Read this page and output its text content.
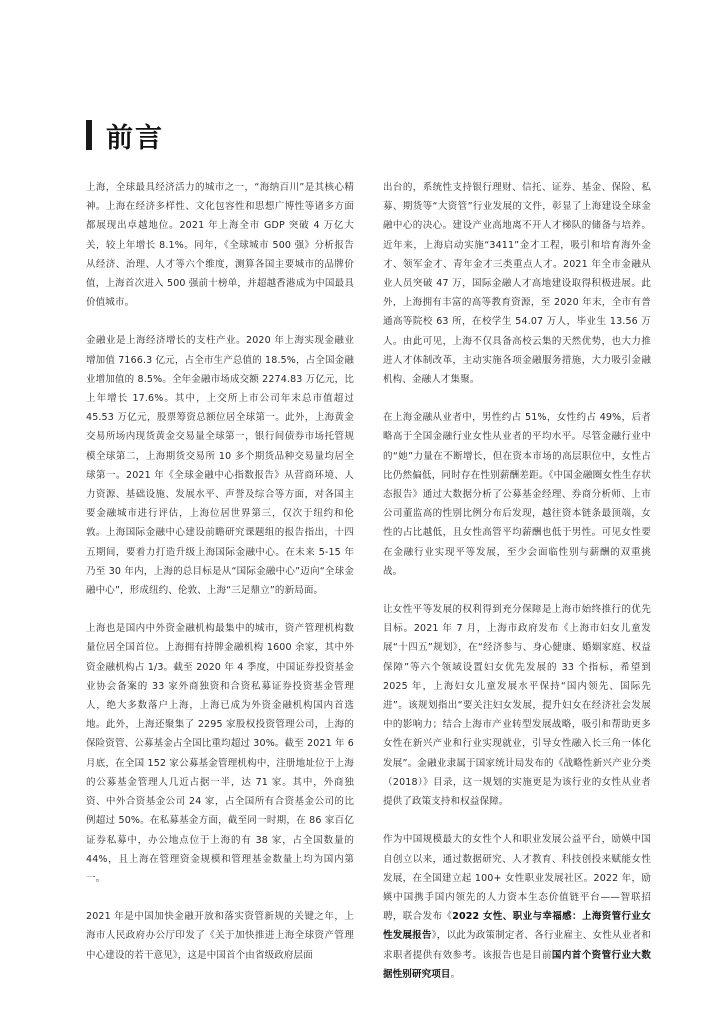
前言

上海，全球最具经济活力的城市之一，“海纳百川”是其核心精神。上海在经济多样性、文化包容性和思想广博性等诸多方面都展现出卓越地位。2021 年上海全市 GDP 突破 4 万亿大关，较上年增长 8.1%。同年，《全球城市 500 强》分析报告从经济、治理、人才等六个维度，测算各国主要城市的品牌价值，上海首次进入 500 强前十榜单，并超越香港成为中国最具价值城市。

金融业是上海经济增长的支柱产业。2020 年上海实现金融业增加值 7166.3 亿元，占全市生产总值的 18.5%，占全国金融业增加值的 8.5%。全年金融市场成交额 2274.83 万亿元，比上年增长 17.6%。其中，上交所上市公司年末总市值超过 45.53 万亿元，股票筹资总额位居全球第一。此外，上海黄金交易所场内现货黄金交易量全球第一，银行间债券市场托管规模全球第二，上海期货交易所 10 多个期货品种交易量均居全球第一。2021 年《全球金融中心指数报告》从营商环境、人力资源、基础设施、发展水平、声誉及综合等方面，对各国主要金融城市进行评估，上海位居世界第三，仅次于纽约和伦敦。上海国际金融中心建设前瞻研究课题组的报告指出，十四五期间，要着力打造升级上海国际金融中心。在未来 5-15 年乃至 30 年内，上海的总目标是从“国际金融中心”迈向“全球金融中心”，形成纽约、伦敦、上海“三足鼎立”的新局面。

上海也是国内中外资金融机构最集中的城市，资产管理机构数量位居全国首位。上海拥有持牌金融机构 1600 余家，其中外资金融机构占 1/3。截至 2020 年 4 季度，中国证券投资基金业协会备案的 33 家外商独资和合资私募证券投资基金管理人，绝大多数落户上海，上海已成为外资金融机构国内首选地。此外，上海还聚集了 2295 家股权投资管理公司，上海的保险资管、公募基金占全国比重均超过 30%。截至 2021 年 6 月底，在全国 152 家公募基金管理机构中，注册地址位于上海的公募基金管理人几近占据一半，达 71 家。其中，外商独资、中外合资基金公司 24 家，占全国所有合资基金公司的比例超过 50%。在私募基金方面，截至同一时期，在 86 家百亿证券私募中，办公地点位于上海的有 38 家，占全国数量的 44%，且上海在管理资金规模和管理基金数量上均为国内第一。

2021 年是中国加快金融开放和落实资管新规的关键之年，上海市人民政府办公厅印发了《关于加快推进上海全球资产管理中心建设的若干意见》，这是中国首个由省级政府层面

出台的，系统性支持银行理财、信托、证券、基金、保险、私募、期货等“大资管”行业发展的文件，彰显了上海建设全球金融中心的决心。建设产业高地离不开人才梯队的储备与培养。近年来，上海启动实施“3411”金才工程，吸引和培育海外金才、领军金才、青年金才三类重点人才。2021 年全市金融从业人员突破 47 万，国际金融人才高地建设取得积极进展。此外，上海拥有丰富的高等教育资源，至 2020 年末，全市有普通高等院校 63 所，在校学生 54.07 万人，毕业生 13.56 万人。由此可见，上海不仅具备高校云集的天然优势，也大力推进人才体制改革，主动实施各项金融服务措施，大力吸引金融机构、金融人才集聚。

在上海金融从业者中，男性约占 51%，女性约占 49%，后者略高于全国金融行业女性从业者的平均水平。尽管金融行业中的“她”力量在不断增长，但在资本市场的高层职位中，女性占比仍然偏低，同时存在性别薪酬差距。《中国金融圈女性生存状态报告》通过大数据分析了公募基金经理、券商分析师、上市公司董监高的性别比例分布后发现，越往资本链条最顶端，女性的占比越低，且女性高管平均薪酬也低于男性。可见女性要在金融行业实现平等发展，至少会面临性别与薪酬的双重挑战。

让女性平等发展的权利得到充分保障是上海市始终推行的优先目标。2021 年 7 月，上海市政府发布《上海市妇女儿童发展“十四五”规划》，在“经济参与、身心健康、婚姻家庭、权益保障”等六个领域设置妇女优先发展的 33 个指标，希望到 2025 年，上海妇女儿童发展水平保持“国内领先、国际先进”。该规划指出“要关注妇女发展，提升妇女在经济社会发展中的影响力；结合上海市产业转型发展战略，吸引和帮助更多女性在新兴产业和行业实现就业，引导女性融入长三角一体化发展”。金融业隶属于国家统计局发布的《战略性新兴产业分类（2018）》目录，这一规划的实施更是为该行业的女性从业者提供了政策支持和权益保障。

作为中国规模最大的女性个人和职业发展公益平台，励媖中国自创立以来，通过数据研究、人才教育、科技创投来赋能女性发展，在全国建立起 100+ 女性职业发展社区。2022 年，励媖中国携手国内领先的人力资本生态价值链平台——智联招聘，联合发布《2022 女性、职业与幸福感：上海资管行业女性发展报告》，以此为政策制定者、各行业雇主、女性从业者和求职者提供有效参考。该报告也是目前国内首个资管行业大数据性别研究项目。
